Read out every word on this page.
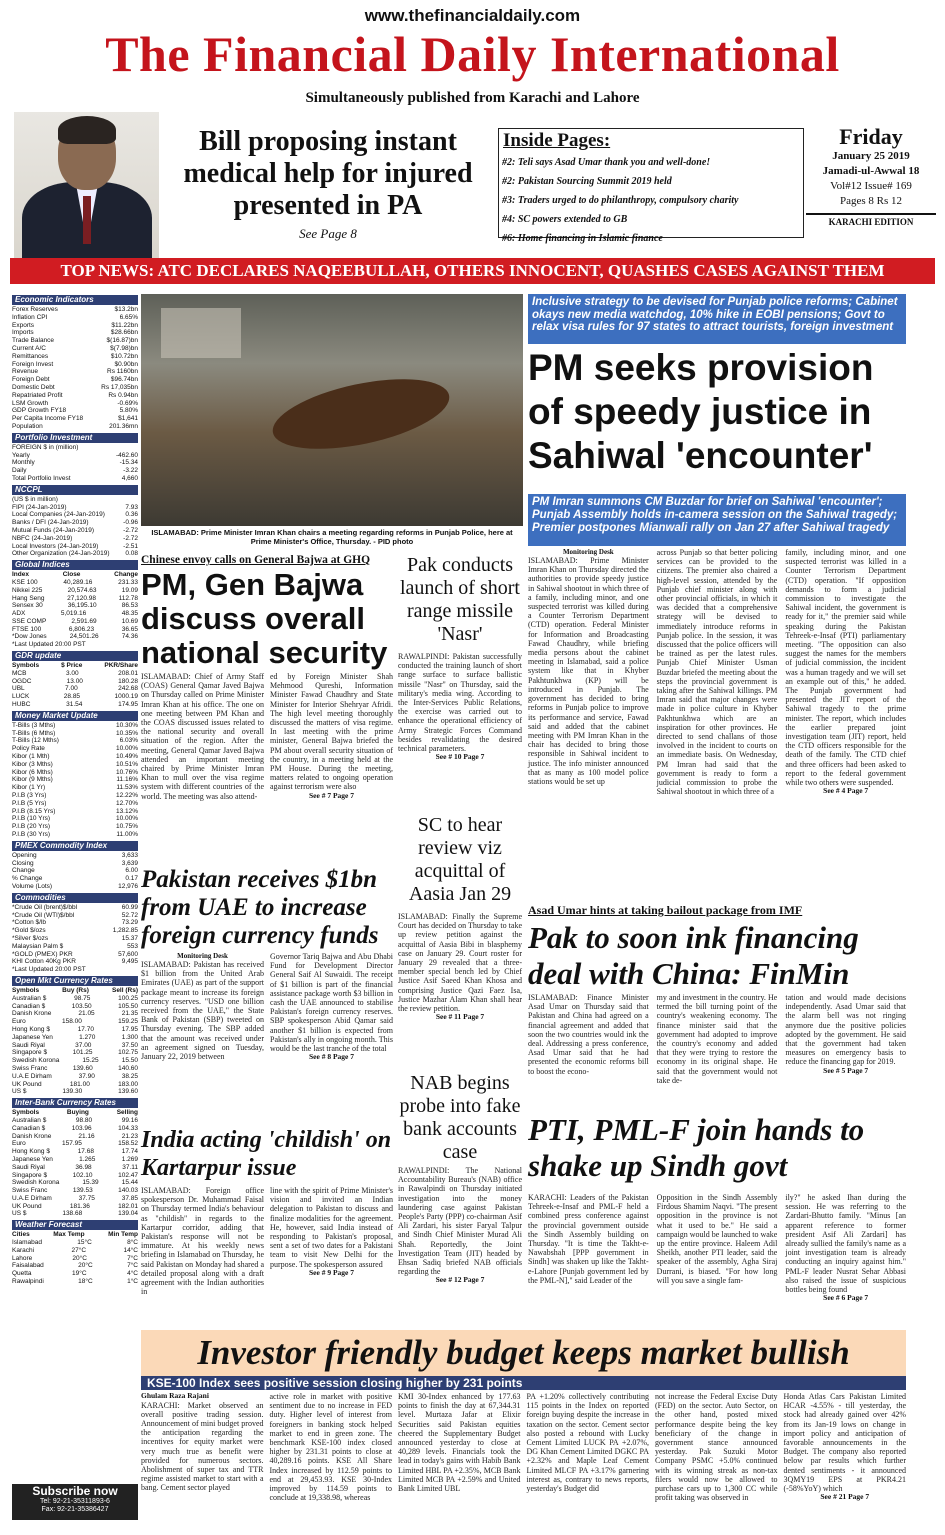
www.thefinancialdaily.com
The Financial Daily International
Simultaneously published from Karachi and Lahore
Bill proposing instant medical help for injured presented in PA
See Page 8
Inside Pages:
#2: Teli says Asad Umar thank you and well-done!
#2: Pakistan Sourcing Summit 2019 held
#3: Traders urged to do philanthropy, compulsory charity
#4: SC powers extended to GB
#6: Home financing in Islamic finance
Friday
January 25 2019
Jamadi-ul-Awwal 18
Vol#12 Issue# 169
Pages 8 Rs 12
KARACHI EDITION
TOP NEWS: ATC DECLARES NAQEEBULLAH, OTHERS INNOCENT, QUASHES CASES AGAINST THEM
Economic Indicators
Forex Reserves	$13.2bn
Inflation CPI	6.65%
Exports	$11.22bn
Imports	$28.66bn
Trade Balance	$(16.87)bn
Current A/C	$(7.98)bn
Remittances	$10.72bn
Foreign Invest	$0.90bn
Revenue	Rs 1160bn
Foreign Debt	$96.74bn
Domestic Debt	Rs 17,035bn
Repatriated Profit	Rs 0.94bn
LSM Growth	-0.69%
GDP Growth FY18	5.80%
Per Capita Income FY18	$1,641
Population	201.36mn
Portfolio Investment
FOREIGN $ in (million)
Yearly	-462.60
Monthly	-15.34
Daily	-3.22
Total Portfolio Invest	4,660
NCCPL
(US $ in million)
FIPI (24-Jan-2019)	7.93
Local Companies (24-Jan-2019)	0.36
Banks / DFI (24-Jan-2019)	-0.96
Mutual Funds (24-Jan-2019)	-2.72
NBFC (24-Jan-2019)	-2.72
Local Investors (24-Jan-2019)	-2.51
Other Organization (24-Jan-2019) 0.08
Global Indices
Index	Close	Change
KSE 100	40,289.16	231.33
Nikkei 225	20,574.63	19.09
Hang Seng	27,120.98	112.78
Sensex 30	36,195.10	86.53
ADX	5,019.16	48.35
SSE COMP	2,591.69	10.69
FTSE 100	6,806.23	36.65
*Dow Jones	24,501.26	74.36
*Last Updated 20:00 PST
GDR update
Symbols	$ Price	PKR/Share
MCB	3.00	208.01
OGDC	13.00	180.28
UBL	7.00	242.68
LUCK	28.85	1000.19
HUBC	31.54	174.95
Money Market Update
T-Bills (3 Mths)	10.30%
T-Bills (6 Mths)	10.35%
T-Bills (12 Mths)	6.03%
Policy Rate	10.00%
Kibor (1 Mth)	10.49%
Kibor (3 Mths)	10.51%
Kibor (6 Mths)	10.76%
Kibor (9 Mths)	11.16%
Kibor (1 Yr)	11.53%
P.I.B (3 Yrs)	12.22%
P.I.B (5 Yrs)	12.70%
P.I.B (8.15 Yrs)	13.12%
P.I.B (10 Yrs)	10.00%
P.I.B (20 Yrs)	10.75%
P.I.B (30 Yrs)	11.00%
PMEX Commodity Index
Opening	3,633
Closing	3,639
Change	6.00
% Change	0.17
Volume (Lots)	12,976
Commodities
*Crude Oil (brent)$/bbl	60.99
*Crude Oil (WTI)$/bbl	52.72
*Cotton $/lb	73.29
*Gold $/ozs	1,282.85
*Silver $/ozs	15.37
Malaysian Palm $	553
*GOLD (PMEX) PKR	57,600
KHI Cotton 40Kg PKR	9,495
*Last Updated 20:00 PST
Open Mkt Currency Rates
Symbols	Buy (Rs)	Sell (Rs)
Australian $	98.75	100.25
Canadian $	103.50	105.50
Danish Krone	21.05	21.35
Euro	158.00	159.25
Hong Kong $	17.70	17.95
Japanese Yen	1.270	1.300
Saudi Riyal	37.00	37.50
Singapore $	101.25	102.75
Swedish Korona	15.25	15.50
Swiss Franc	139.60	140.60
U.A.E Dirham	37.90	38.25
UK Pound	181.00	183.00
US $	139.30	139.60
Inter-Bank Currency Rates
Symbols	Buying	Selling
Australian $	98.80	99.16
Canadian $	103.96	104.33
Danish Krone	21.16	21.23
Euro	157.95	158.52
Hong Kong $	17.68	17.74
Japanese Yen	1.265	1.269
Saudi Riyal	36.98	37.11
Singapore $	102.10	102.47
Swedish Korona	15.39	15.44
Swiss Franc	139.53	140.03
U.A.E Dirham	37.75	37.85
UK Pound	181.36	182.01
US $	138.68	139.04
Weather Forecast
Cities	Max Temp	Min Temp
Islamabad	15°C	8°C
Karachi	27°C	14°C
Lahore	20°C	7°C
Faisalabad	20°C	7°C
Quetta	19°C	4°C
Rawalpindi	18°C	1°C
Subscribe now
Tel: 92-21-35311893-6
Fax: 92-21-35386427
ISLAMABAD: Prime Minister Imran Khan chairs a meeting regarding reforms in Punjab Police, here at Prime Minister's Office, Thursday. - PID photo
Inclusive strategy to be devised for Punjab police reforms; Cabinet okays new media watchdog, 10% hike in EOBI pensions; Govt to relax visa rules for 97 states to attract tourists, foreign investment
PM seeks provision of speedy justice in Sahiwal 'encounter'
PM Imran summons CM Buzdar for brief on Sahiwal 'encounter'; Punjab Assembly holds in-camera session on the Sahiwal tragedy; Premier postpones Mianwali rally on Jan 27 after Sahiwal tragedy
Monitoring Desk
ISLAMABAD: Prime Minister Imran Khan on Thursday directed the authorities to provide speedy justice in Sahiwal shootout in which three of a family, including minor, and one suspected terrorist was killed during a Counter Terrorism Department (CTD) operation. Federal Minister for Information and Broadcasting Fawad Chaudhry, while briefing media persons about the cabinet meeting in Islamabad, said a police system like that in Khyber Pakhtunkhwa (KP) will be introduced in Punjab. The government has decided to bring reforms in Punjab police to improve its performance and service, Fawad said and added that the cabinet meeting with PM Imran Khan in the chair has decided to bring those responsible in Sahiwal incident to justice. The info minister announced that as many as 100 model police stations would be set up
across Punjab so that better policing services can be provided to the citizens. The premier also chaired a high-level session, attended by the Punjab chief minister along with other provincial officials, in which it was decided that a comprehensive strategy will be devised to immediately introduce reforms in Punjab police. In the session, it was discussed that the police officers will be trained as per the latest rules. Punjab Chief Minister Usman Buzdar briefed the meeting about the steps the provincial government is taking after the Sahiwal killings. PM Imran said that major changes were made in police culture in Khyber Pakhtunkhwa which are an inspiration for other provinces. He directed to send challans of those involved in the incident to courts on an immediate basis. On Wednesday, PM Imran had said that the government is ready to form a judicial commission to probe the Sahiwal shootout in which three of a
family, including minor, and one suspected terrorist was killed in a Counter Terrorism Department (CTD) operation. "If opposition demands to form a judicial commission to investigate the Sahiwal incident, the government is ready for it," the premier said while speaking during the Pakistan Tehreek-e-Insaf (PTI) parliamentary meeting. "The opposition can also suggest the names for the members of judicial commission, the incident was a human tragedy and we will set an example out of this," he added. The Punjab government had presented the JIT report of the Sahiwal tragedy to the prime minister. The report, which includes the earlier prepared joint investigation team (JIT) report, held the CTD officers responsible for the death of the family. The CTD chief and three officers had been asked to report to the federal government while two others were suspended.
See # 4 Page 7
Chinese envoy calls on General Bajwa at GHQ
PM, Gen Bajwa discuss overall national security
ISLAMABAD: Chief of Army Staff (COAS) General Qamar Javed Bajwa on Thursday called on Prime Minister Imran Khan at his office. The one on one meeting between PM Khan and the COAS discussed issues related to the national security and overall situation of the region. After the meeting, General Qamar Javed Bajwa attended an important meeting chaired by Prime Minister Imran Khan to mull over the visa regime system with different countries of the world. The meeting was also attend-
ed by Foreign Minister Shah Mehmood Qureshi, Information Minister Fawad Chaudhry and State Minister for Interior Shehryar Afridi. The high level meeting thoroughly discussed the matters of visa regime. In last meeting with the prime minister, General Bajwa briefed the PM about overall security situation of the country, in a meeting held at the PM House. During the meeting, matters related to ongoing operation against terrorism were also
See # 7 Page 7
Pak conducts launch of short range missile 'Nasr'
RAWALPINDI: Pakistan successfully conducted the training launch of short range surface to surface ballistic missile "Nasr" on Thursday, said the military's media wing. According to the Inter-Services Public Relations, the exercise was carried out to enhance the operational efficiency of Army Strategic Forces Command besides revalidating the desired technical parameters.
See # 10 Page 7
Pakistan receives $1bn from UAE to increase foreign currency funds
Monitoring Desk
ISLAMABAD: Pakistan has received $1 billion from the United Arab Emirates (UAE) as part of the support package meant to increase its foreign currency reserves. "USD one billion received from the UAE," the State Bank of Pakistan (SBP) tweeted on Thursday evening. The SBP added that the amount was received under an agreement signed on Tuesday, January 22, 2019 between
Governor Tariq Bajwa and Abu Dhabi Fund for Development Director General Saif Al Suwaidi. The receipt of $1 billion is part of the financial assistance package worth $3 billion in cash the UAE announced to stabilise Pakistan's foreign currency reserves. SBP spokesperson Abid Qamar said another $1 billion is expected from Pakistan's ally in ongoing month. This would be the last tranche of the total
See # 8 Page 7
SC to hear review viz acquittal of Aasia Jan 29
ISLAMABAD: Finally the Supreme Court has decided on Thursday to take up review petition against the acquittal of Aasia Bibi in blasphemy case on January 29. Court roster for January 29 revealed that a three-member special bench led by Chief Justice Asif Saeed Khan Khosa and comprising Justice Qazi Faez Isa, Justice Mazhar Alam Khan shall hear the review petition.
See # 11 Page 7
Asad Umar hints at taking bailout package from IMF
Pak to soon ink financing deal with China: FinMin
ISLAMABAD: Finance Minister Asad Umar on Thursday said that Pakistan and China had agreed on a financial agreement and added that soon the two countries would ink the deal. Addressing a press conference, Asad Umar said that he had presented the economic reforms bill to boost the econo-
my and investment in the country. He termed the bill turning point of the country's weakening economy. The finance minister said that the government had adopted to improve the country's economy and added that they were trying to restore the economy in its original shape. He said that the government would not take de-
tation and would made decisions independently. Asad Umar said that the alarm bell was not ringing anymore due the positive policies adopted by the government. He said that the government had taken measures on emergency basis to reduce the financing gap for 2019.
See # 5 Page 7
India acting 'childish' on Kartarpur issue
ISLAMABAD: Foreign office spokesperson Dr. Muhammad Faisal on Thursday termed India's behaviour as "childish" in regards to the Kartarpur corridor, adding that Pakistan's response will not be immature. At his weekly news briefing in Islamabad on Thursday, he said Pakistan on Monday had shared a detailed proposal along with a draft agreement with the Indian authorities in
line with the spirit of Prime Minister's vision and invited an Indian delegation to Pakistan to discuss and finalize modalities for the agreement. He, however, said India instead of responding to Pakistan's proposal, sent a set of two dates for a Pakistani team to visit New Delhi for the purpose. The spokesperson assured
See # 9 Page 7
NAB begins probe into fake bank accounts case
RAWALPINDI: The National Accountability Bureau's (NAB) office in Rawalpindi on Thursday initiated investigation into the money laundering case against Pakistan People's Party (PPP) co-chairman Asif Ali Zardari, his sister Faryal Talpur and Sindh Chief Minister Murad Ali Shah. Reportedly, the Joint Investigation Team (JIT) headed by Ehsan Sadiq briefed NAB officials regarding the
See # 12 Page 7
PTI, PML-F join hands to shake up Sindh govt
KARACHI: Leaders of the Pakistan Tehreek-e-Insaf and PML-F held a combined press conference against the provincial government outside the Sindh Assembly building on Thursday. "It is time the Takht-e-Nawabshah [PPP government in Sindh] was shaken up like the Takht-e-Lahore [Punjab government led by the PML-N]," said Leader of the
Opposition in the Sindh Assembly Firdous Shamim Naqvi. "The present opposition in the province is not what it used to be." He said a campaign would be launched to wake up the entire province. Haleem Adil Sheikh, another PTI leader, said the speaker of the assembly, Agha Siraj Durrani, is biased. "For how long will you save a single fam-
ily?" he asked Ihan during the session. He was referring to the Zardari-Bhutto family. "Minus [an apparent reference to former president Asif Ali Zardari] has already sullied the family's name as a joint investigation team is already conducting an inquiry against him." PML-F leader Nusrat Sehar Abbasi also raised the issue of suspicious bottles being found
See # 6 Page 7
Investor friendly budget keeps market bullish
KSE-100 Index sees positive session closing higher by 231 points
Ghulam Raza Rajani
KARACHI: Market observed an overall positive trading session. Announcement of mini budget proved the anticipation regarding the incentives for equity market were very much true as benefit were provided for numerous sectors. Abolishment of super tax and TTR regime assisted market to start with a bang. Cement sector played
active role in market with positive sentiment due to no increase in FED duty. Higher level of interest from foreigners in banking stock helped market to end in green zone. The benchmark KSE-100 index closed higher by 231.31 points to close at 40,289.16 points. KSE All Share Index increased by 112.59 points to end at 29,453.93. KSE 30-Index improved by 114.59 points to conclude at 19,338.98, whereas
KMI 30-Index enhanced by 177.63 points to finish the day at 67,344.31 level. Murtaza Jafar at Elixir Securities said Pakistan equities cheered the Supplementary Budget announced yesterday to close at 40,289 levels. Financials took the lead in today's gains with Habib Bank Limited HBL PA +2.35%, MCB Bank Limited MCB PA +2.59% and United Bank Limited UBL
PA +1.20% collectively contributing 115 points in the Index on reported foreign buying despite the increase in taxation on the sector. Cement sector also posted a rebound with Lucky Cement Limited LUCK PA +2.07%, DG Khan Cement Limited DGKC PA +2.32% and Maple Leaf Cement Limited MLCF PA +3.17% garnering interest as, contrary to news reports, yesterday's Budget did
not increase the Federal Excise Duty (FED) on the sector. Auto Sector, on the other hand, posted mixed performance despite being the key beneficiary of the change in government stance announced yesterday. Pak Suzuki Motor Company PSMC +5.0% continued with its winning streak as non-tax filers would now be allowed to purchase cars up to 1,300 CC while profit taking was observed in
Honda Atlas Cars Pakistan Limited HCAR -4.55% - till yesterday, the stock had already gained over 42% from its Jan-19 lows on change in import policy and anticipation of favorable announcements in the Budget. The company also reported below par results which further dented sentiments - it announced 3QMY19 EPS at PKR4.21 (-58%YoY) which
See # 21 Page 7
